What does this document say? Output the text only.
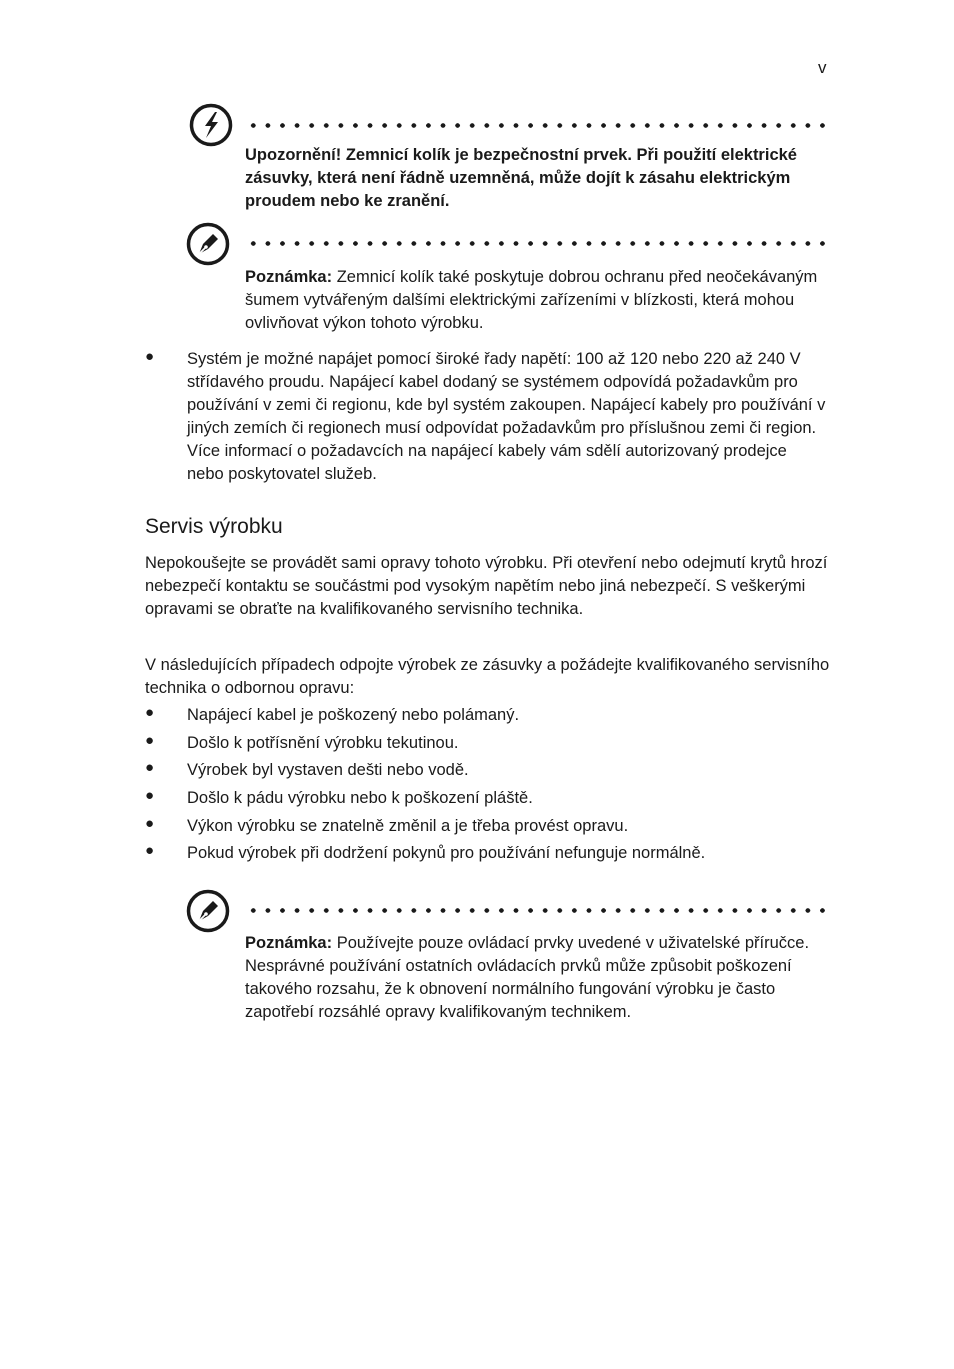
v
Upozornění! Zemnicí kolík je bezpečnostní prvek. Při použití elektrické zásuvky, která není řádně uzemněná, může dojít k zásahu elektrickým proudem nebo ke zranění.
Poznámka: Zemnicí kolík také poskytuje dobrou ochranu před neočekávaným šumem vytvářeným dalšími elektrickými zařízeními v blízkosti, která mohou ovlivňovat výkon tohoto výrobku.
● Systém je možné napájet pomocí široké řady napětí: 100 až 120 nebo 220 až 240 V střídavého proudu. Napájecí kabel dodaný se systémem odpovídá požadavkům pro používání v zemi či regionu, kde byl systém zakoupen. Napájecí kabely pro používání v jiných zemích či regionech musí odpovídat požadavkům pro příslušnou zemi či region. Více informací o požadavcích na napájecí kabely vám sdělí autorizovaný prodejce nebo poskytovatel služeb.
Servis výrobku
Nepokoušejte se provádět sami opravy tohoto výrobku. Při otevření nebo odejmutí krytů hrozí nebezpečí kontaktu se součástmi pod vysokým napětím nebo jiná nebezpečí. S veškerými opravami se obraťte na kvalifikovaného servisního technika.
V následujících případech odpojte výrobek ze zásuvky a požádejte kvalifikovaného servisního technika o odbornou opravu:
● Napájecí kabel je poškozený nebo polámaný.
● Došlo k potřísnění výrobku tekutinou.
● Výrobek byl vystaven dešti nebo vodě.
● Došlo k pádu výrobku nebo k poškození pláště.
● Výkon výrobku se znatelně změnil a je třeba provést opravu.
● Pokud výrobek při dodržení pokynů pro používání nefunguje normálně.
Poznámka: Používejte pouze ovládací prvky uvedené v uživatelské příručce. Nesprávné používání ostatních ovládacích prvků může způsobit poškození takového rozsahu, že k obnovení normálního fungování výrobku je často zapotřebí rozsáhlé opravy kvalifikovaným technikem.
